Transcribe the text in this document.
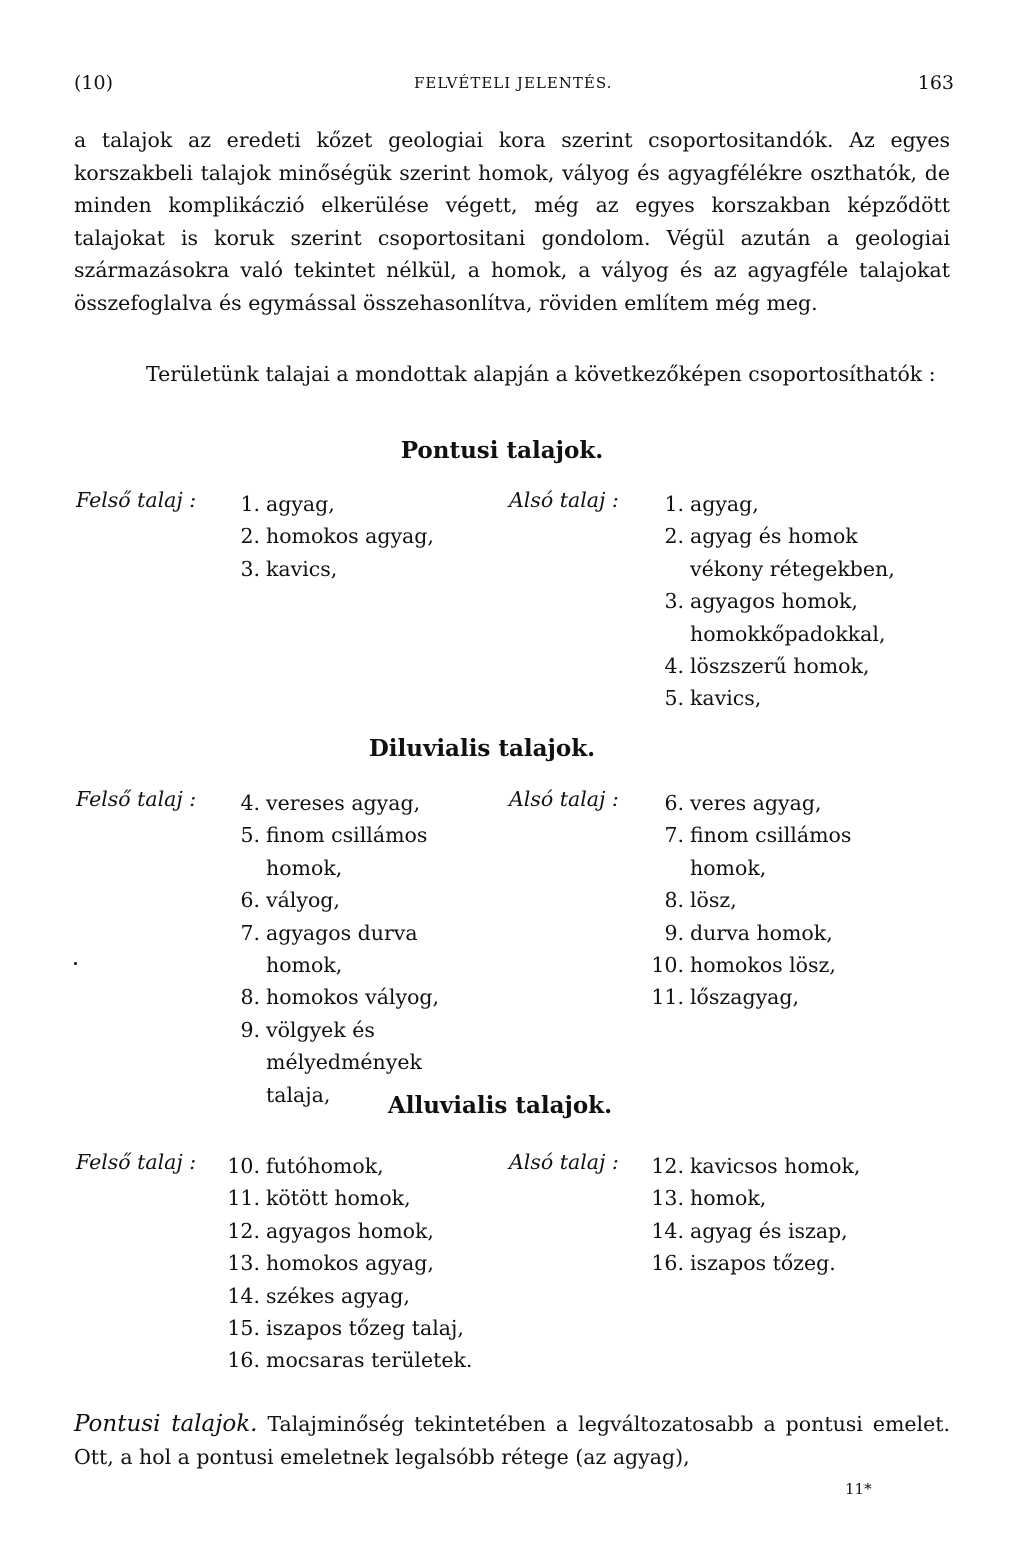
(10)	FELVÉTELI JELENTÉS.	163

a talajok az eredeti kőzet geologiai kora szerint csoportositandók. Az egyes korszakbeli talajok minőségük szerint homok, vályog és agyagfélékre oszthatók, de minden komplikáczió elkerülése végett, még az egyes korszakban képződött talajokat is koruk szerint csoportositani gondolom. Végül azután a geologiai származásokra való tekintet nélkül, a homok, a vályog és az agyagféle talajokat összefoglalva és egymással összehasonlítva, röviden említem még meg.

Területünk talajai a mondottak alapján a következőképen csoportosíthatók :

Pontusi talajok.
Felső talaj :	1. agyag,
2. homokos agyag,
3. kavics,
Alsó talaj :	1. agyag,
2. agyag és homok vékony rétegekben,
3. agyagos homok, homokkőpadokkal,
4. löszszerű homok,
5. kavics,
Diluvialis talajok.
Felső talaj :	4. vereses agyag,
5. finom csillámos homok,
6. vályog,
7. agyagos durva homok,
8. homokos vályog,
9. völgyek és mélyedmények talaja,
Alsó talaj :	6. veres agyag,
7. finom csillámos homok,
8. lösz,
9. durva homok,
10. homokos lösz,
11. lőszagyag,
Alluvialis talajok.
Felső talaj : 10. futóhomok,
11. kötött homok,
12. agyagos homok,
13. homokos agyag,
14. székes agyag,
15. iszapos tőzeg talaj,
16. mocsaras területek.
Alsó talaj : 12. kavicsos homok,
13. homok,
14. agyag és iszap,
16. iszapos tőzeg.

Pontusi talajok. Talajminőség tekintetében a legváltozatosabb a pontusi emelet. Ott, a hol a pontusi emeletnek legalsóbb rétege (az agyag),

11*
